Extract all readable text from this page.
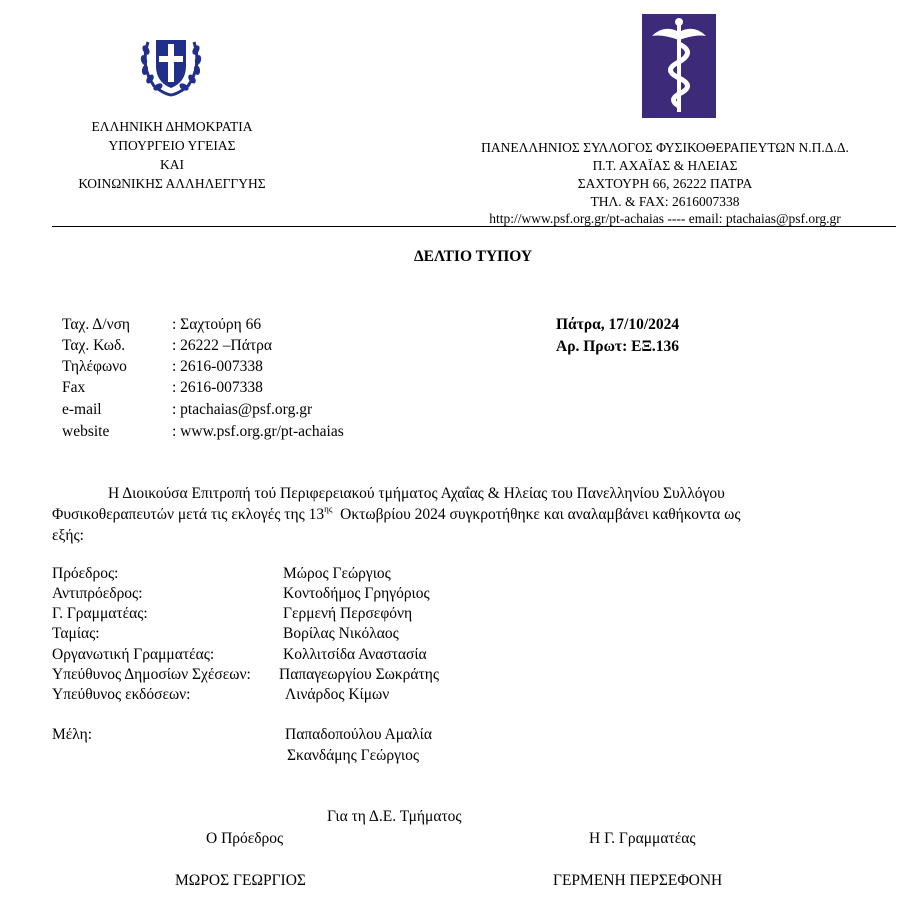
ΕΛΛΗΝΙΚΗ ΔΗΜΟΚΡΑΤΙΑ
ΥΠΟΥΡΓΕΙΟ ΥΓΕΙΑΣ
ΚΑΙ
ΚΟΙΝΩΝΙΚΗΣ ΑΛΛΗΛΕΓΓΥΗΣ
ΠΑΝΕΛΛΗΝΙΟΣ ΣΥΛΛΟΓΟΣ ΦΥΣΙΚΟΘΕΡΑΠΕΥΤΩΝ Ν.Π.Δ.Δ.
Π.Τ. ΑΧΑΪΑΣ & ΗΛΕΙΑΣ
ΣΑΧΤΟΥΡΗ 66, 26222 ΠΑΤΡΑ
ΤΗΛ. & FAX: 2616007338
http://www.psf.org.gr/pt-achaias ---- email: ptachaias@psf.org.gr
ΔΕΛΤΙΟ ΤΥΠΟΥ
Ταχ. Δ/νση	: Σαχτούρη 66
Ταχ. Κωδ.	: 26222 –Πάτρα
Τηλέφωνο	: 2616-007338
Fax	: 2616-007338
e-mail	: ptachaias@psf.org.gr
website	: www.psf.org.gr/pt-achaias
Πάτρα, 17/10/2024
Αρ. Πρωτ: ΕΞ.136
Η Διοικούσα Επιτροπή τού Περιφερειακού τμήματος Αχαΐας & Ηλείας του Πανελληνίου Συλλόγου
Φυσικοθεραπευτών μετά τις εκλογές της $13^{\eta\varsigma}$  Οκτωβρίου 2024 συγκροτήθηκε και αναλαμβάνει καθήκοντα ως
εξής:
Πρόεδρος:	Μώρος Γεώργιος
Αντιπρόεδρος:	Κοντοδήμος Γρηγόριος
Γ. Γραμματέας:	Γερμενή Περσεφόνη
Ταμίας:	Βορίλας Νικόλαος
Οργανωτική Γραμματέας:	Κολλιτσίδα Αναστασία
Υπεύθυνος Δημοσίων Σχέσεων: Παπαγεωργίου Σωκράτης
Υπεύθυνος εκδόσεων:	Λινάρδος Κίμων
Μέλη:	Παπαδοπούλου Αμαλία
Σκανδάμης Γεώργιος
Για τη Δ.Ε. Τμήματος
Ο Πρόεδρος	Η Γ. Γραμματέας
ΜΩΡΟΣ ΓΕΩΡΓΙΟΣ	ΓΕΡΜΕΝΗ ΠΕΡΣΕΦΟΝΗ
